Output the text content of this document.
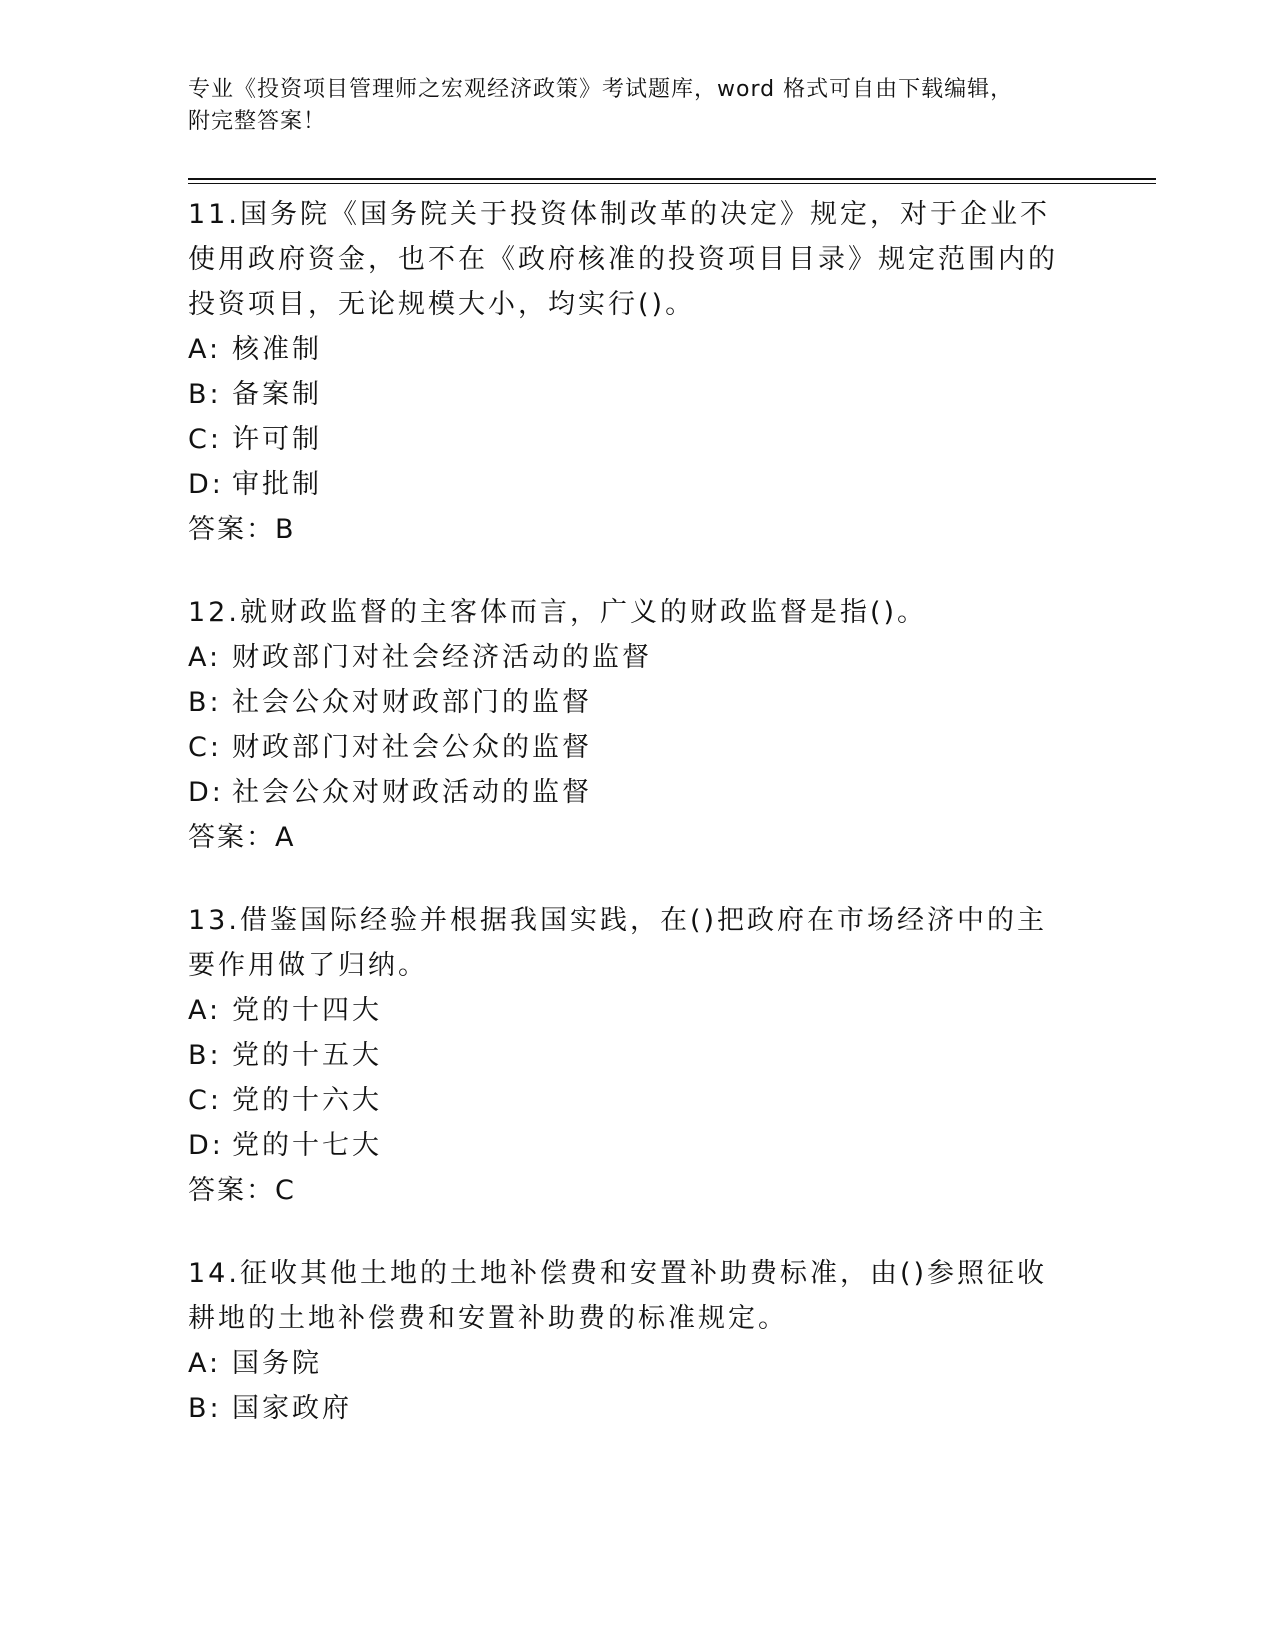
专业《投资项目管理师之宏观经济政策》考试题库，word 格式可自由下载编辑，
附完整答案！

11.国务院《国务院关于投资体制改革的决定》规定，对于企业不使用政府资金，也不在《政府核准的投资项目目录》规定范围内的投资项目，无论规模大小，均实行()。

A: 核准制

B: 备案制

C: 许可制

D: 审批制

答案：B

12.就财政监督的主客体而言，广义的财政监督是指()。

A: 财政部门对社会经济活动的监督

B: 社会公众对财政部门的监督

C: 财政部门对社会公众的监督

D: 社会公众对财政活动的监督

答案：A

13.借鉴国际经验并根据我国实践，在()把政府在市场经济中的主要作用做了归纳。

A: 党的十四大

B: 党的十五大

C: 党的十六大

D: 党的十七大

答案：C

14.征收其他土地的土地补偿费和安置补助费标准，由()参照征收耕地的土地补偿费和安置补助费的标准规定。

A: 国务院

B: 国家政府
